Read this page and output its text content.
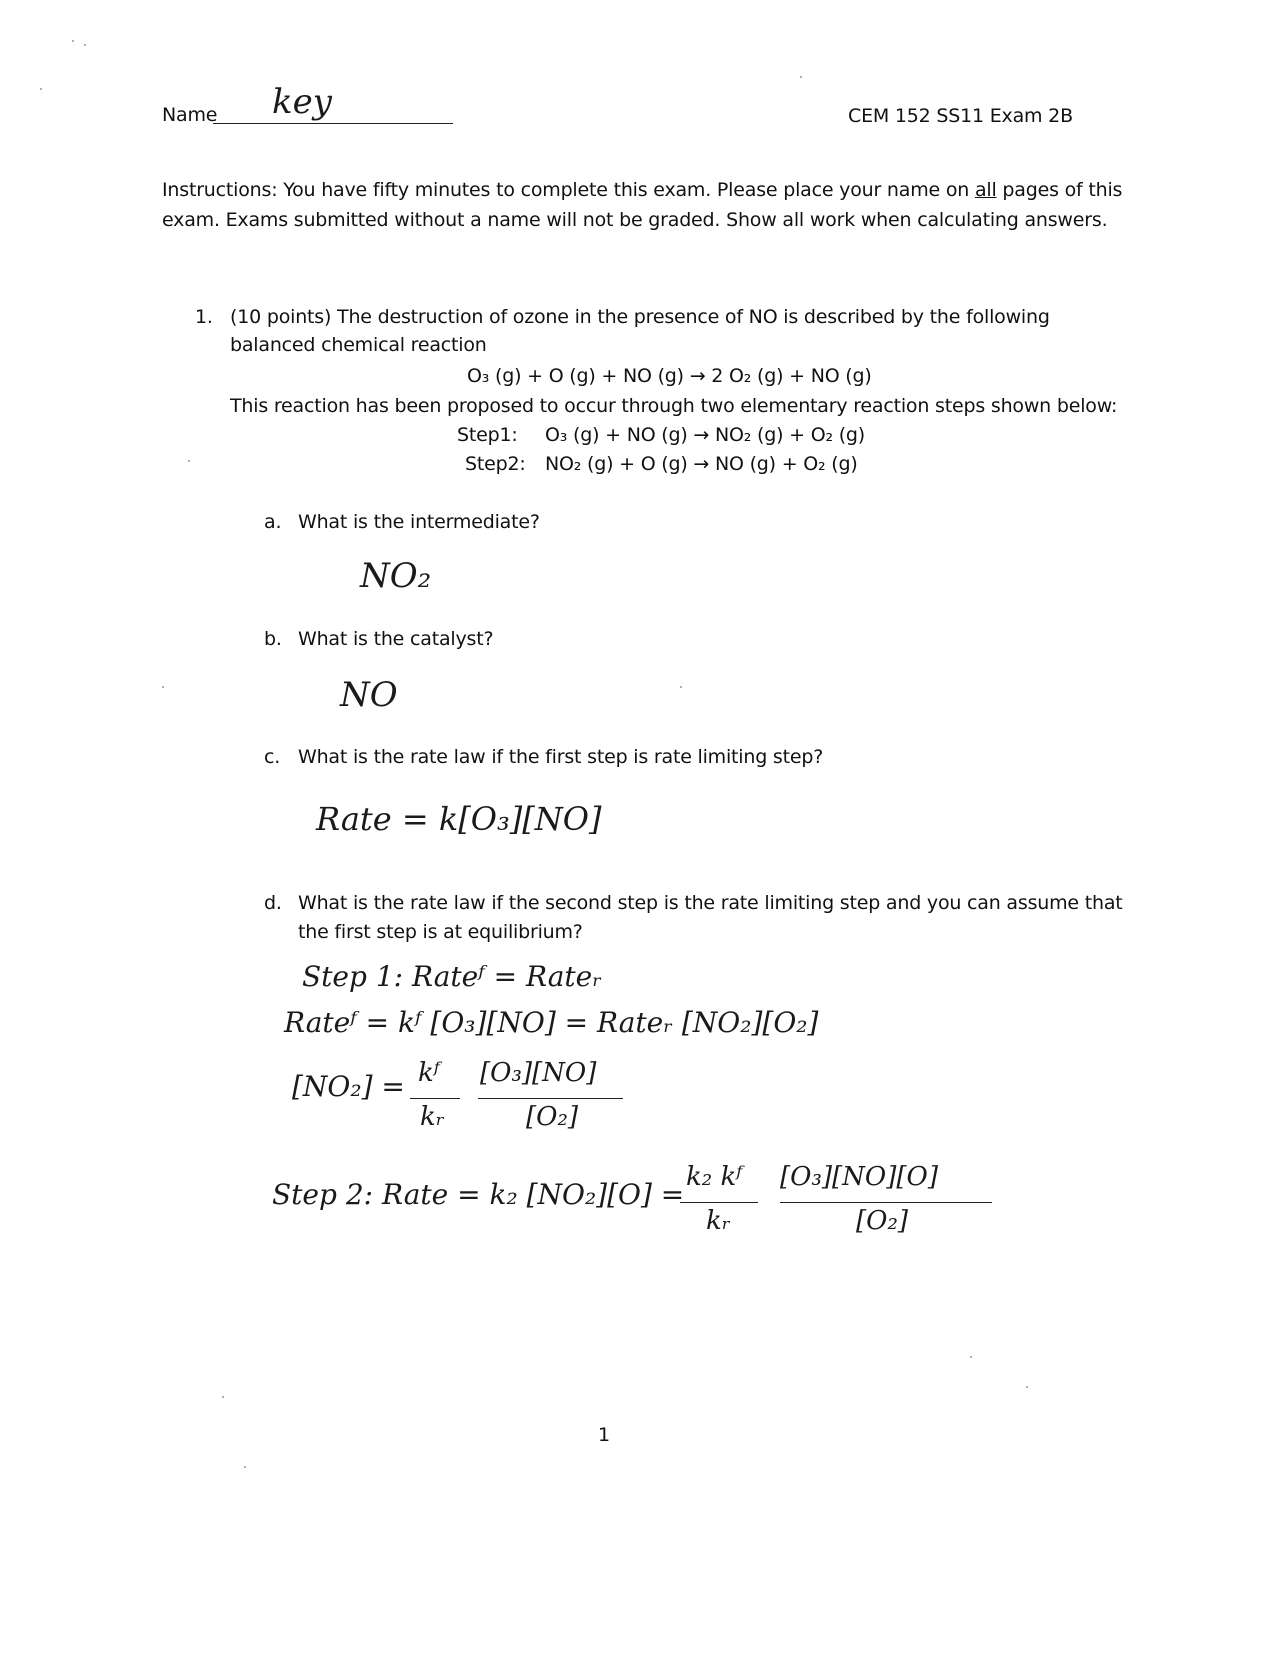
Name key	CEM 152 SS11 Exam 2B
Instructions: You have fifty minutes to complete this exam. Please place your name on all pages of this
exam. Exams submitted without a name will not be graded. Show all work when calculating answers.
1. (10 points) The destruction of ozone in the presence of NO is described by the following
balanced chemical reaction
O₃ (g) + O (g) + NO (g) → 2 O₂ (g) + NO (g)
This reaction has been proposed to occur through two elementary reaction steps shown below:
Step1: O₃ (g) + NO (g) → NO₂ (g) + O₂ (g)
Step2: NO₂ (g) + O (g) → NO (g) + O₂ (g)
a. What is the intermediate?
NO₂
b. What is the catalyst?
NO
c. What is the rate law if the first step is rate limiting step?
Rate = k[O₃][NO]
d. What is the rate law if the second step is the rate limiting step and you can assume that
the first step is at equilibrium?
Step 1: Rateᶠ = Rateᵣ
Rateᶠ = kᶠ [O₃][NO] = Rateᵣ [NO₂][O₂]
[NO₂] = kᶠ
kᵣ
[O₃][NO]
[O₂]
Step 2: Rate = k₂ [NO₂][O] =
k₂ kᶠ
kᵣ
[O₃][NO][O]
[O₂]
1
